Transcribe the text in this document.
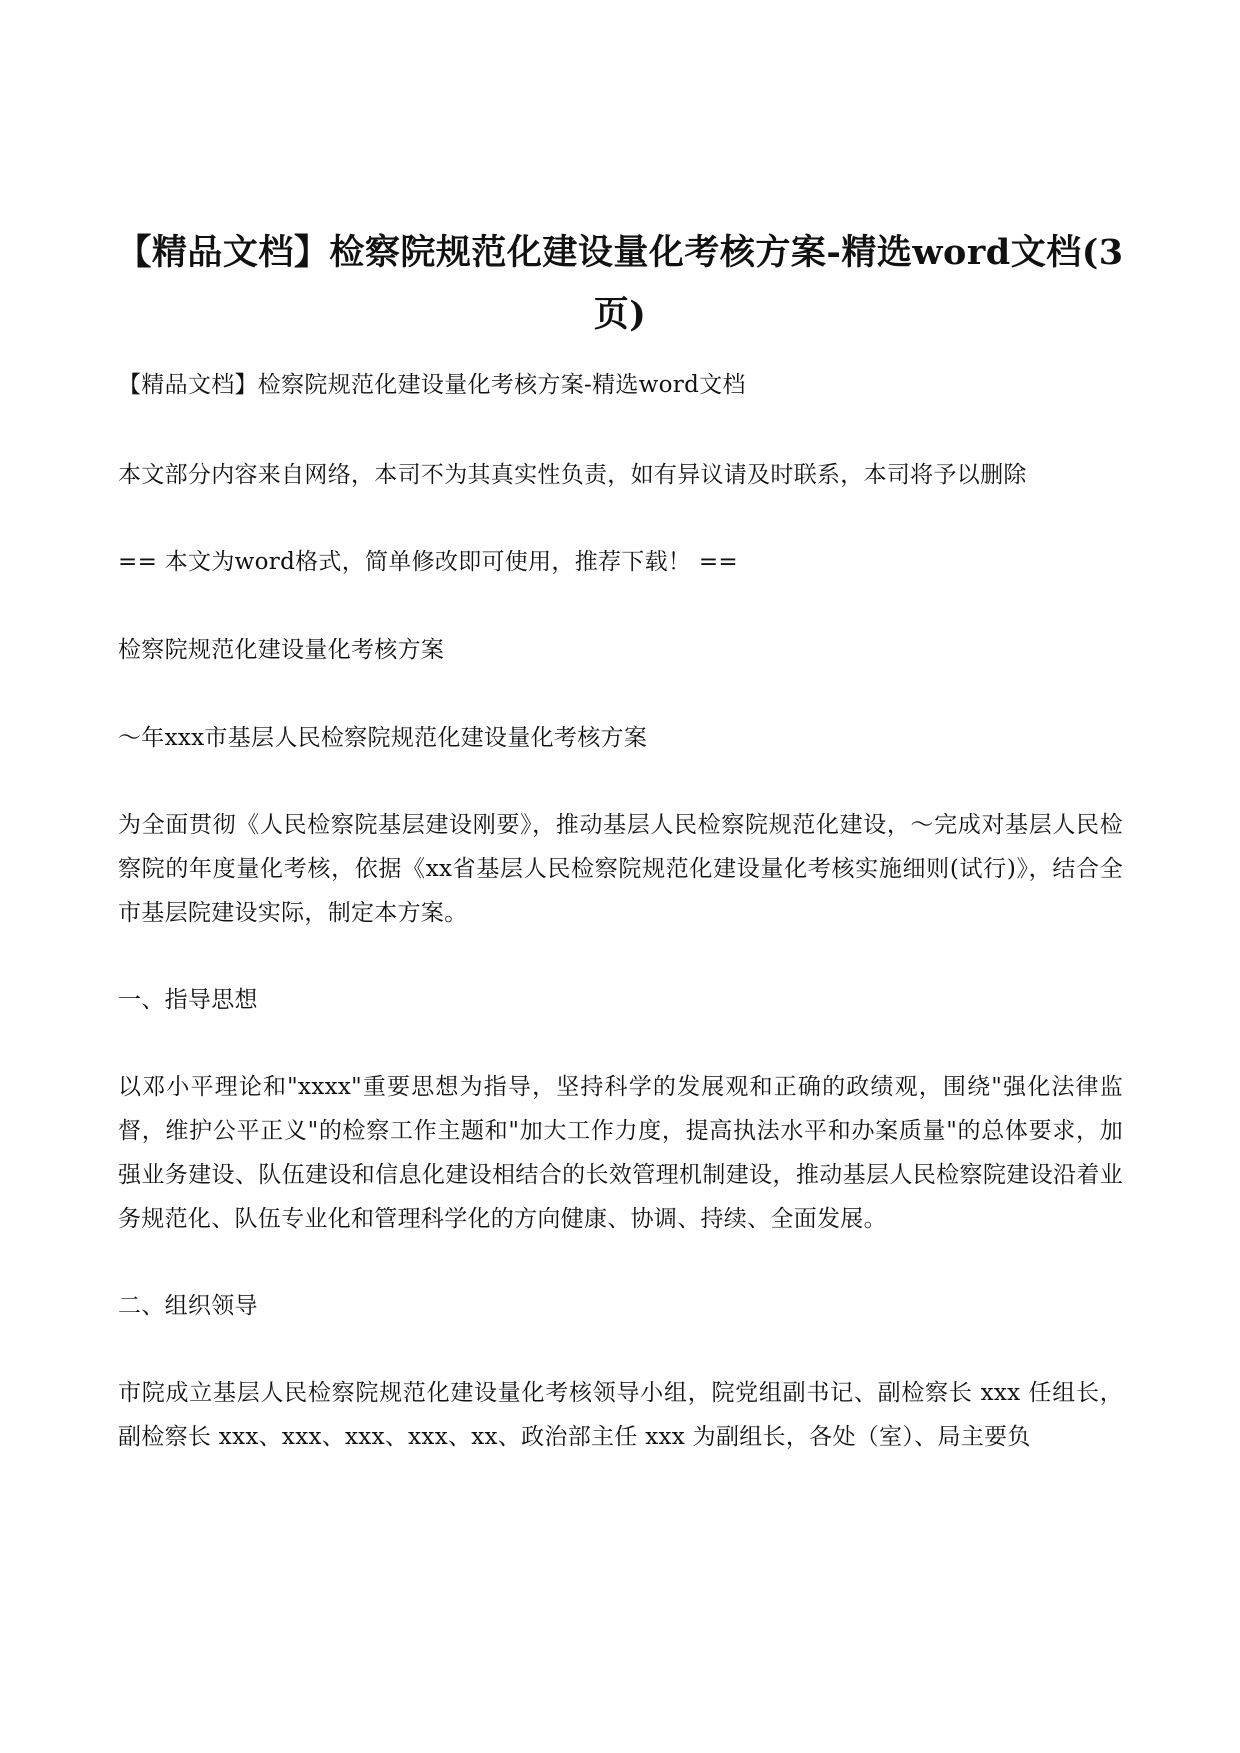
【精品文档】检察院规范化建设量化考核方案-精选word文档(3页)

【精品文档】检察院规范化建设量化考核方案-精选word文档

本文部分内容来自网络，本司不为其真实性负责，如有异议请及时联系，本司将予以删除

== 本文为word格式，简单修改即可使用，推荐下载！ ==

检察院规范化建设量化考核方案

～年xxx市基层人民检察院规范化建设量化考核方案

为全面贯彻《人民检察院基层建设刚要》，推动基层人民检察院规范化建设，～完成对基层人民检察院的年度量化考核，依据《xx省基层人民检察院规范化建设量化考核实施细则(试行)》，结合全市基层院建设实际，制定本方案。

一、指导思想

以邓小平理论和"xxxx"重要思想为指导，坚持科学的发展观和正确的政绩观，围绕"强化法律监督，维护公平正义"的检察工作主题和"加大工作力度，提高执法水平和办案质量"的总体要求，加强业务建设、队伍建设和信息化建设相结合的长效管理机制建设，推动基层人民检察院建设沿着业务规范化、队伍专业化和管理科学化的方向健康、协调、持续、全面发展。

二、组织领导

市院成立基层人民检察院规范化建设量化考核领导小组，院党组副书记、副检察长 xxx 任组长，副检察长 xxx、xxx、xxx、xxx、xx、政治部主任 xxx 为副组长，各处（室）、局主要负
